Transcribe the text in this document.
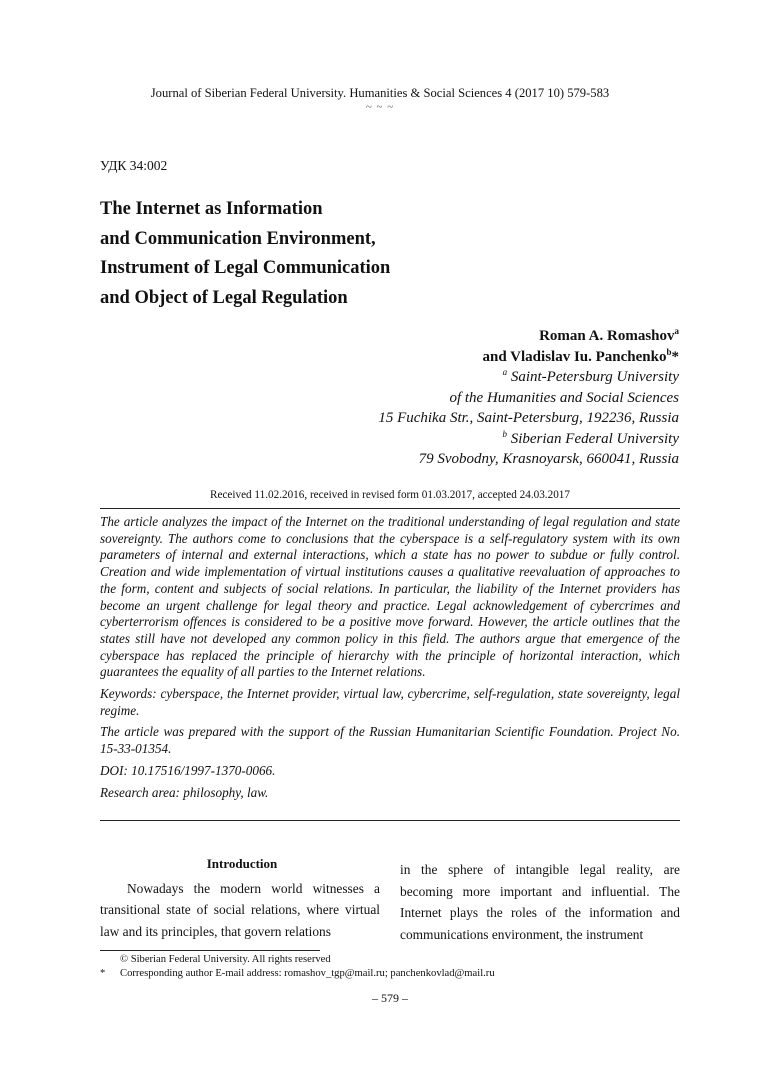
Journal of Siberian Federal University. Humanities & Social Sciences 4 (2017 10) 579-583
~ ~ ~
УДК 34:002
The Internet as Information
and Communication Environment,
Instrument of Legal Communication
and Object of Legal Regulation
Roman A. Romashov$^a$
and Vladislav Iu. Panchenko$^b$*
$^a$ Saint-Petersburg University
of the Humanities and Social Sciences
15 Fuchika Str., Saint-Petersburg, 192236, Russia
$^b$ Siberian Federal University
79 Svobodny, Krasnoyarsk, 660041, Russia
Received 11.02.2016, received in revised form 01.03.2017, accepted 24.03.2017

The article analyzes the impact of the Internet on the traditional understanding of legal regulation and state sovereignty. The authors come to conclusions that the cyberspace is a self-regulatory system with its own parameters of internal and external interactions, which a state has no power to subdue or fully control. Creation and wide implementation of virtual institutions causes a qualitative reevaluation of approaches to the form, content and subjects of social relations. In particular, the liability of the Internet providers has become an urgent challenge for legal theory and practice. Legal acknowledgement of cybercrimes and cyberterrorism offences is considered to be a positive move forward. However, the article outlines that the states still have not developed any common policy in this field. The authors argue that emergence of the cyberspace has replaced the principle of hierarchy with the principle of horizontal interaction, which guarantees the equality of all parties to the Internet relations.

Keywords: cyberspace, the Internet provider, virtual law, cybercrime, self-regulation, state sovereignty, legal regime.

The article was prepared with the support of the Russian Humanitarian Scientific Foundation. Project No. 15-33-01354.

DOI: 10.17516/1997-1370-0066.

Research area: philosophy, law.

Introduction
Nowadays the modern world witnesses a transitional state of social relations, where virtual law and its principles, that govern relations
in the sphere of intangible legal reality, are becoming more important and influential. The Internet plays the roles of the information and communications environment, the instrument
© Siberian Federal University. All rights reserved
* Corresponding author E-mail address: romashov_tgp@mail.ru; panchenkovlad@mail.ru
– 579 –
